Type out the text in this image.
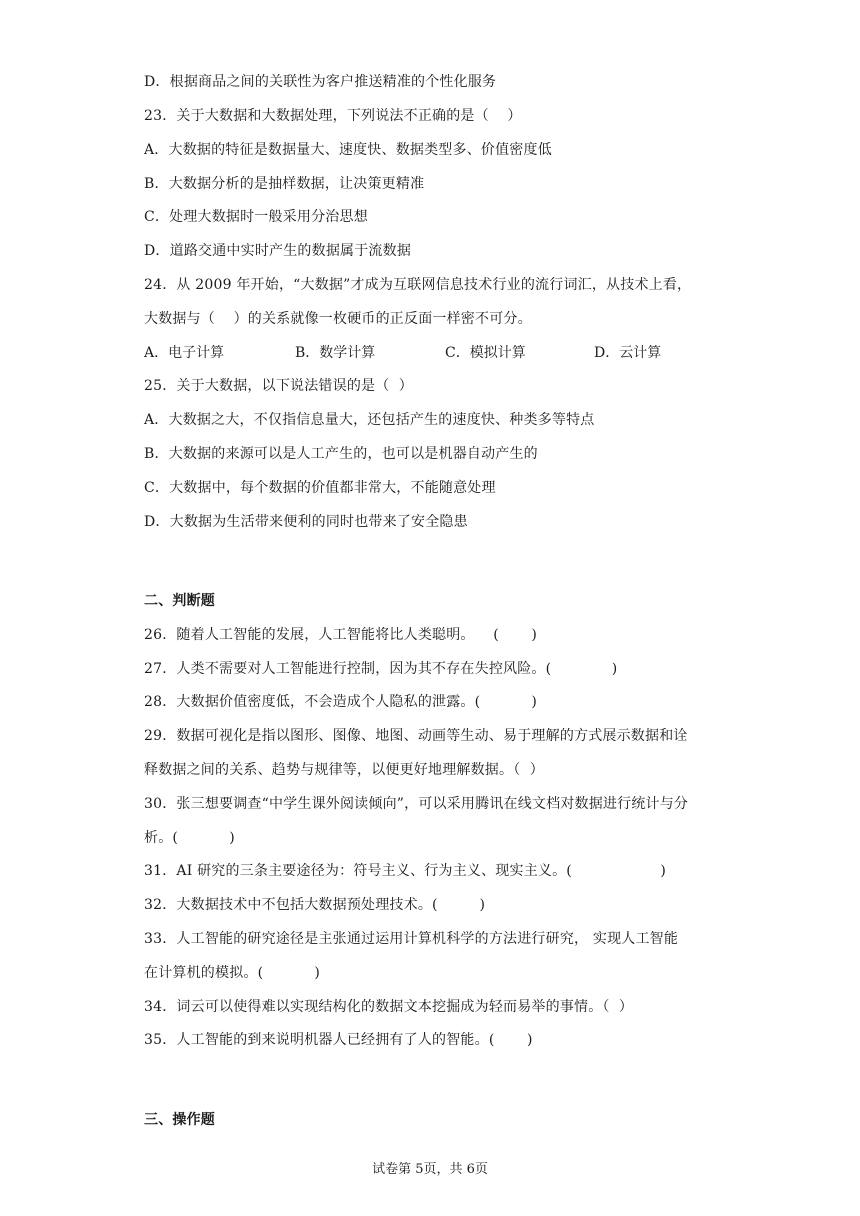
D．根据商品之间的关联性为客户推送精准的个性化服务
23．关于大数据和大数据处理，下列说法不正确的是（    ）
A．大数据的特征是数据量大、速度快、数据类型多、价值密度低
B．大数据分析的是抽样数据，让决策更精准
C．处理大数据时一般采用分治思想
D．道路交通中实时产生的数据属于流数据
24．从 2009 年开始，“大数据”才成为互联网信息技术行业的流行词汇，从技术上看，
大数据与（    ）的关系就像一枚硬币的正反面一样密不可分。
A．电子计算	B．数学计算	C．模拟计算	D．云计算
25．关于大数据，以下说法错误的是（  ）
A．大数据之大，不仅指信息量大，还包括产生的速度快、种类多等特点
B．大数据的来源可以是人工产生的，也可以是机器自动产生的
C．大数据中，每个数据的价值都非常大，不能随意处理
D．大数据为生活带来便利的同时也带来了安全隐患
二、判断题
26．随着人工智能的发展，人工智能将比人类聪明。    (       )
27．人类不需要对人工智能进行控制，因为其不存在失控风险。(             )
28．大数据价值密度低，不会造成个人隐私的泄露。(           )
29．数据可视化是指以图形、图像、地图、动画等生动、易于理解的方式展示数据和诠
释数据之间的关系、趋势与规律等，以便更好地理解数据。（  ）
30．张三想要调查“中学生课外阅读倾向”，可以采用腾讯在线文档对数据进行统计与分
析。(           )
31．AI 研究的三条主要途径为：符号主义、行为主义、现实主义。(                   )
32．大数据技术中不包括大数据预处理技术。(         )
33．人工智能的研究途径是主张通过运用计算机科学的方法进行研究， 实现人工智能
在计算机的模拟。(           )
34．词云可以使得难以实现结构化的数据文本挖掘成为轻而易举的事情。（  ）
35．人工智能的到来说明机器人已经拥有了人的智能。(       )
三、操作题
试卷第 5页，共 6页
